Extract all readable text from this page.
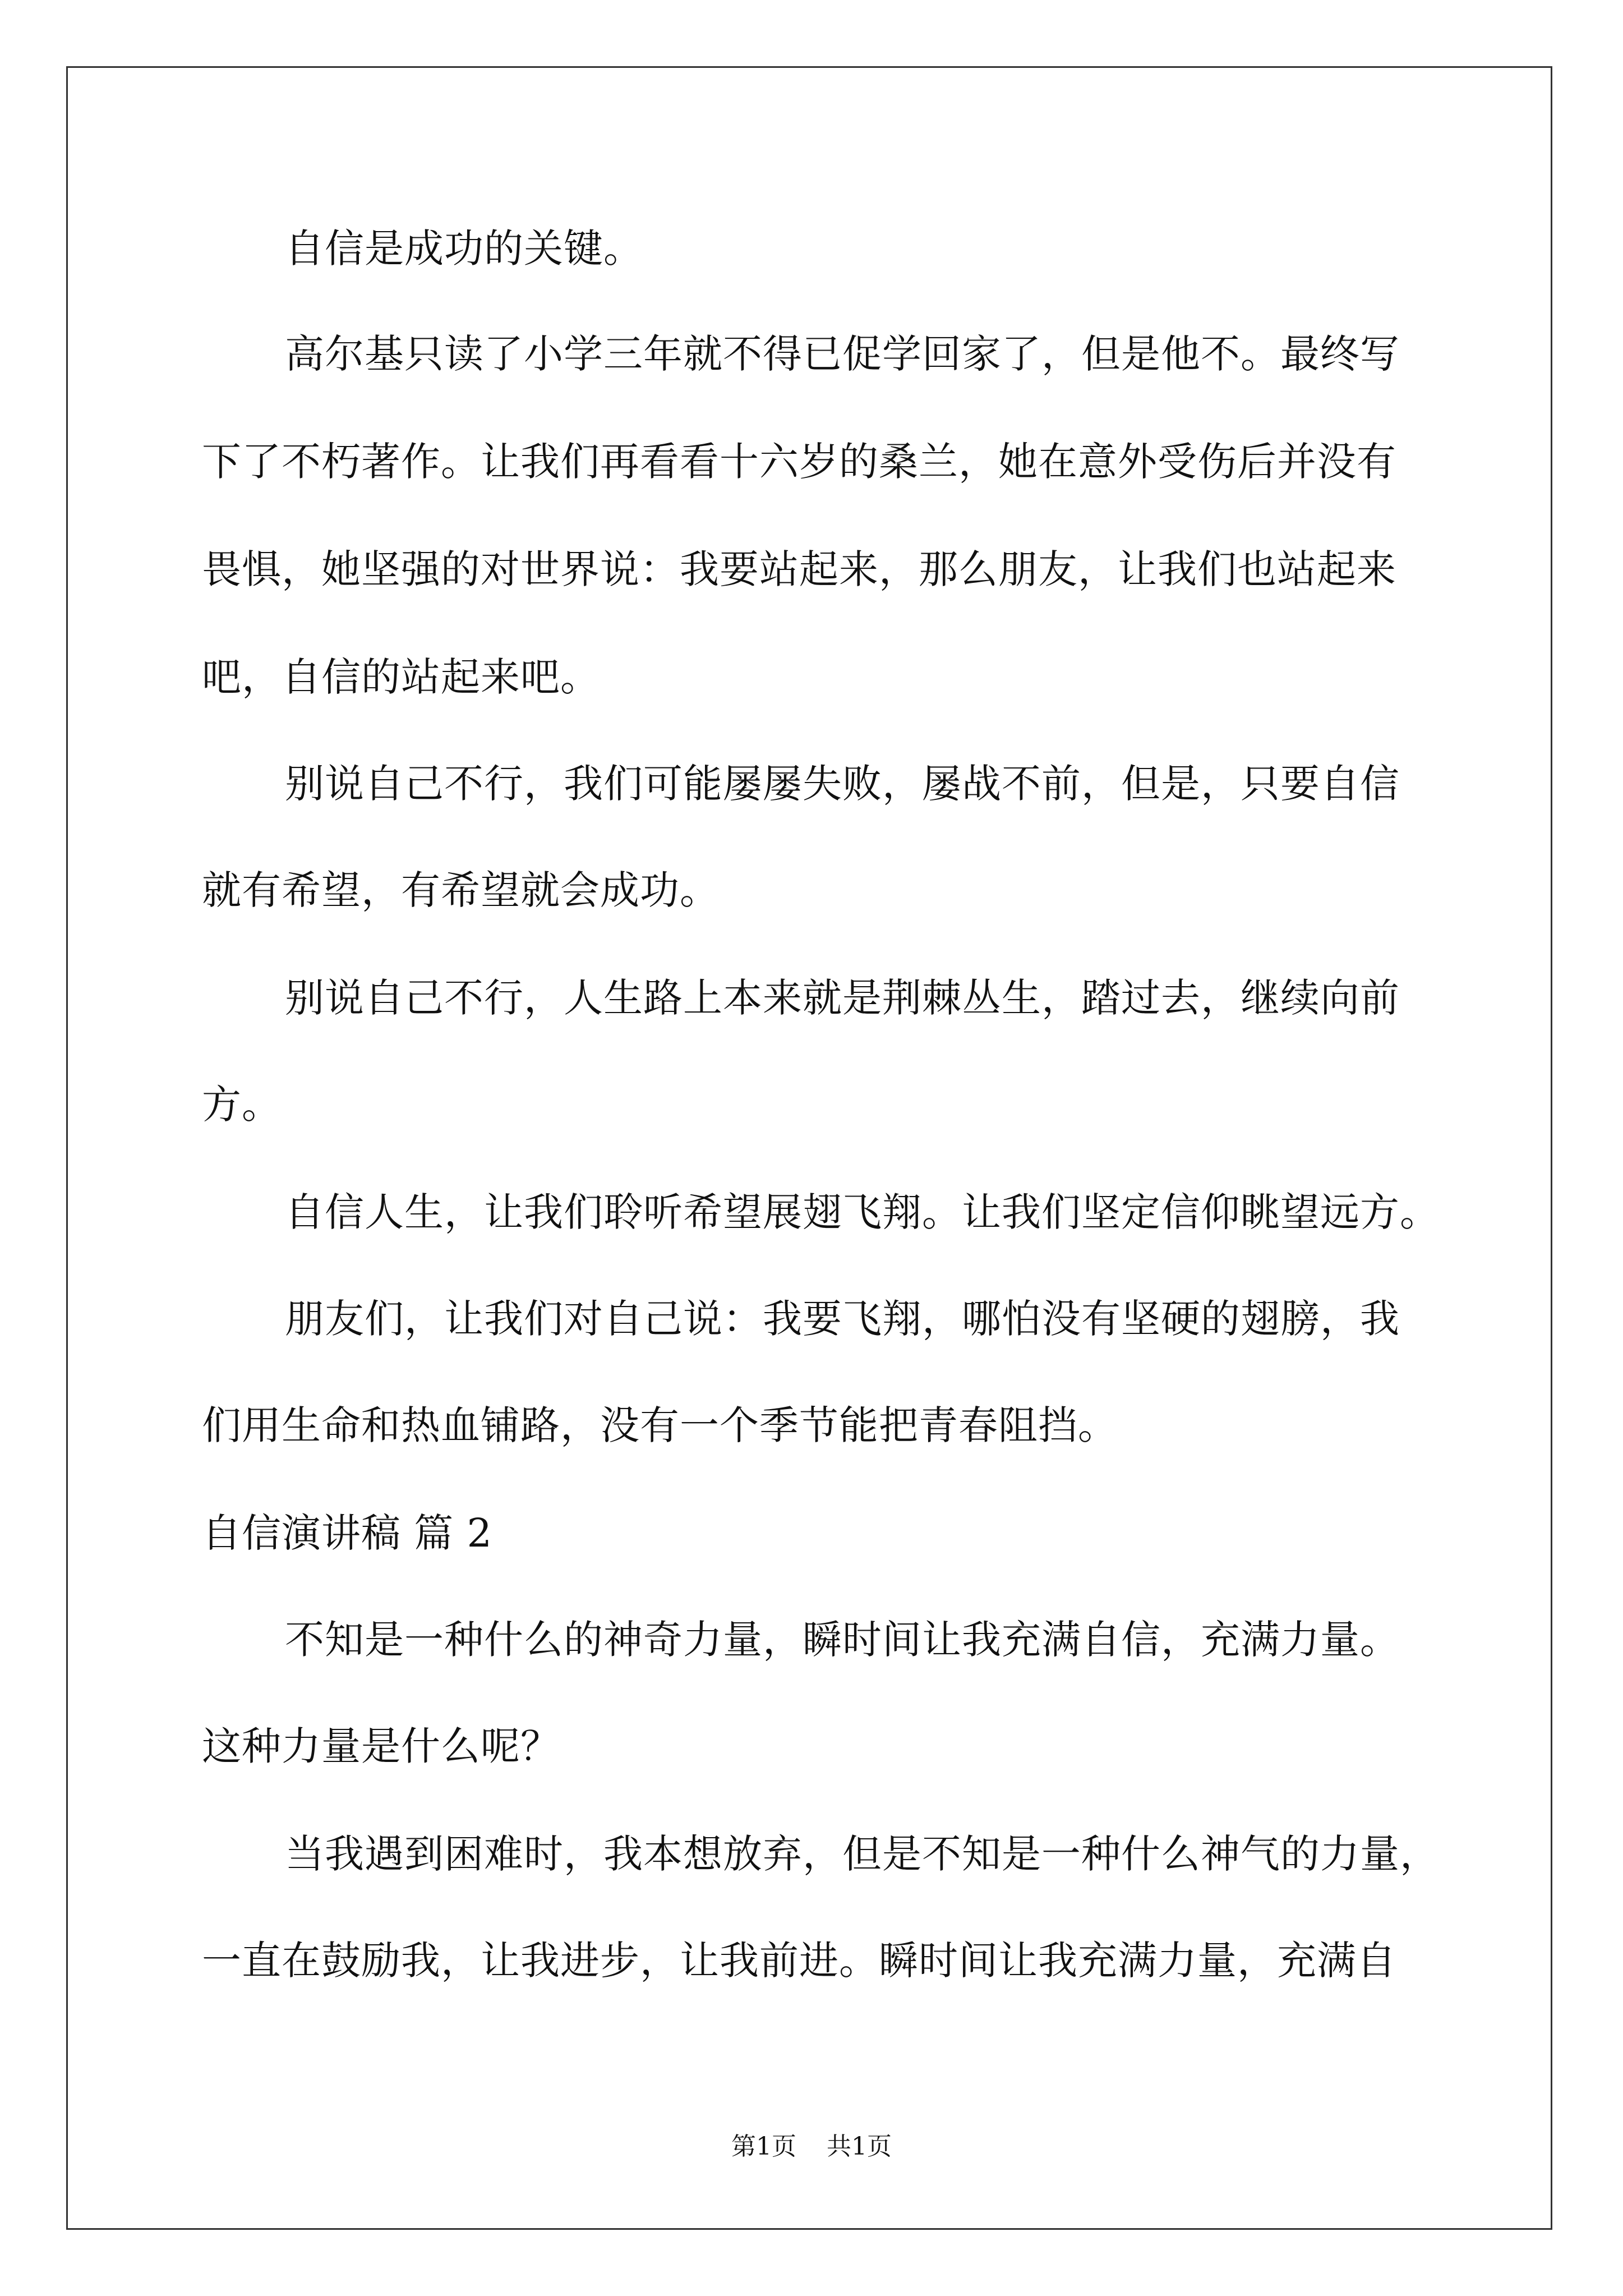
自信是成功的关键。
高尔基只读了小学三年就不得已促学回家了，但是他不。最终写
下了不朽著作。让我们再看看十六岁的桑兰，她在意外受伤后并没有
畏惧，她坚强的对世界说：我要站起来，那么朋友，让我们也站起来
吧，自信的站起来吧。
别说自己不行，我们可能屡屡失败，屡战不前，但是，只要自信
就有希望，有希望就会成功。
别说自己不行，人生路上本来就是荆棘丛生，踏过去，继续向前
方。
自信人生，让我们聆听希望展翅飞翔。让我们坚定信仰眺望远方。
朋友们，让我们对自己说：我要飞翔，哪怕没有坚硬的翅膀，我
们用生命和热血铺路，没有一个季节能把青春阻挡。
自信演讲稿 篇 2
不知是一种什么的神奇力量，瞬时间让我充满自信，充满力量。
这种力量是什么呢？
当我遇到困难时，我本想放弃，但是不知是一种什么神气的力量，
一直在鼓励我，让我进步，让我前进。瞬时间让我充满力量，充满自
第1页 共1页
